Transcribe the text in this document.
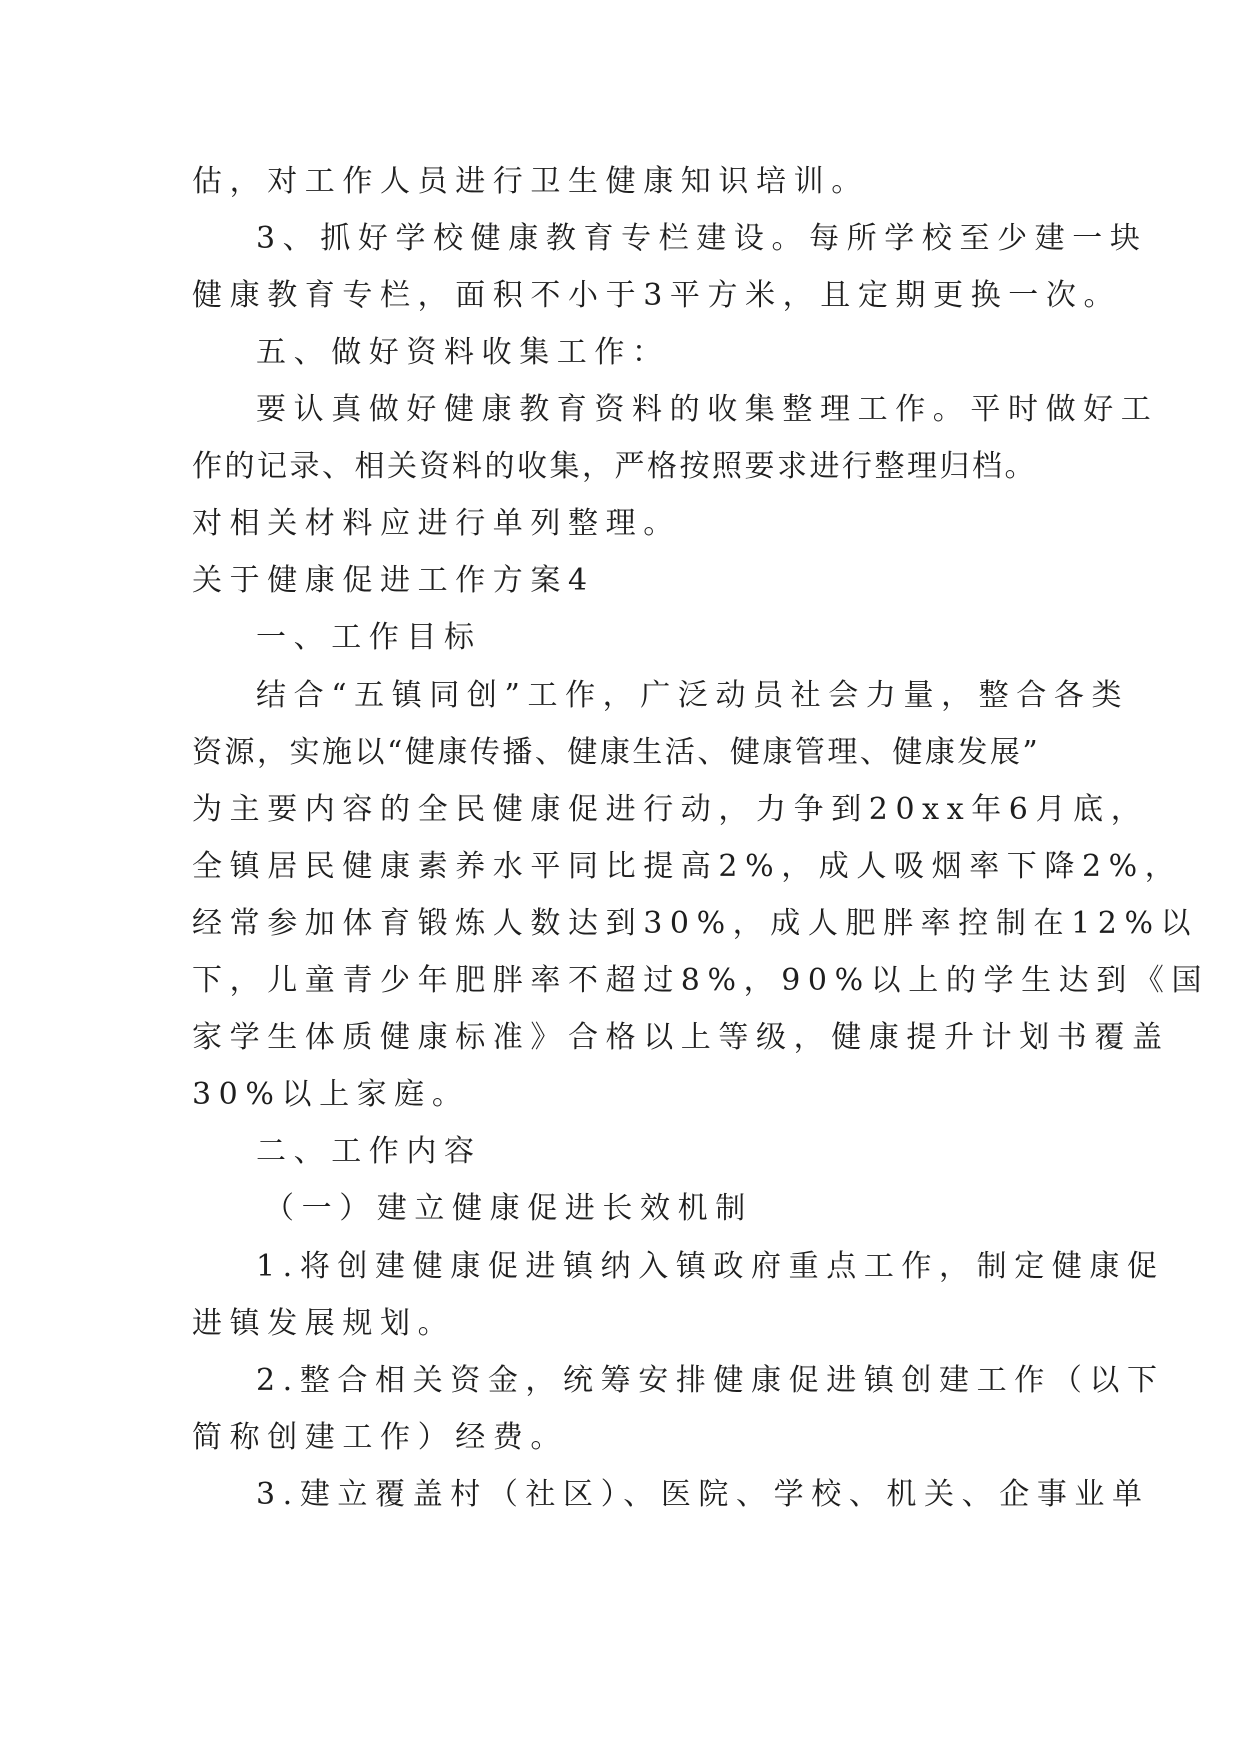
估，对工作人员进行卫生健康知识培训。
3、抓好学校健康教育专栏建设。每所学校至少建一块
健康教育专栏，面积不小于3平方米，且定期更换一次。
五、做好资料收集工作：
要认真做好健康教育资料的收集整理工作。平时做好工
作的记录、相关资料的收集，严格按照要求进行整理归档。
对相关材料应进行单列整理。
关于健康促进工作方案4
一、工作目标
结合“五镇同创”工作，广泛动员社会力量，整合各类
资源，实施以“健康传播、健康生活、健康管理、健康发展”
为主要内容的全民健康促进行动，力争到20xx年6月底，
全镇居民健康素养水平同比提高2%，成人吸烟率下降2%，
经常参加体育锻炼人数达到30%，成人肥胖率控制在12%以
下，儿童青少年肥胖率不超过8%，90%以上的学生达到《国
家学生体质健康标准》合格以上等级，健康提升计划书覆盖
30%以上家庭。
二、工作内容
（一）建立健康促进长效机制
1.将创建健康促进镇纳入镇政府重点工作，制定健康促
进镇发展规划。
2.整合相关资金，统筹安排健康促进镇创建工作（以下
简称创建工作）经费。
3.建立覆盖村（社区）、医院、学校、机关、企事业单
